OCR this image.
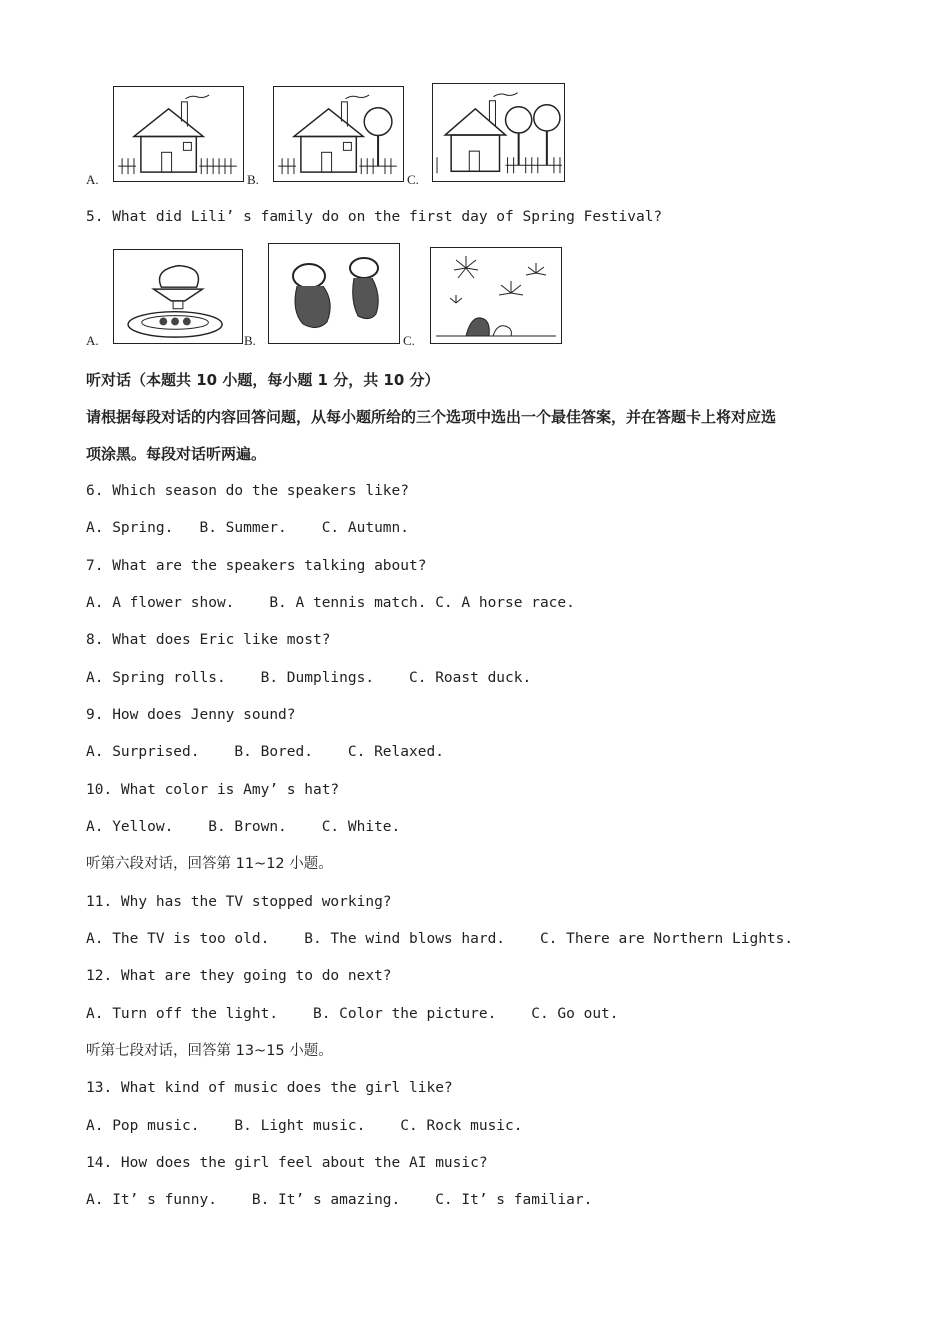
A.	B.	C.
5. What did Lili’ s family do on the first day of Spring Festival?
A.	B.	C.
听对话（本题共 10 小题，每小题 1 分，共 10 分）
请根据每段对话的内容回答问题，从每小题所给的三个选项中选出一个最佳答案，并在答题卡上将对应选
项涂黑。每段对话听两遍。
6. Which season do the speakers like?
A. Spring.   B. Summer.    C. Autumn.
7. What are the speakers talking about?
A. A flower show.    B. A tennis match. C. A horse race.
8. What does Eric like most?
A. Spring rolls.    B. Dumplings.    C. Roast duck.
9. How does Jenny sound?
A. Surprised.    B. Bored.    C. Relaxed.
10. What color is Amy’ s hat?
A. Yellow.    B. Brown.    C. White.
听第六段对话，回答第 11~12 小题。
11. Why has the TV stopped working?
A. The TV is too old.    B. The wind blows hard.    C. There are Northern Lights.
12. What are they going to do next?
A. Turn off the light.    B. Color the picture.    C. Go out.
听第七段对话，回答第 13~15 小题。
13. What kind of music does the girl like?
A. Pop music.    B. Light music.    C. Rock music.
14. How does the girl feel about the AI music?
A. It’ s funny.    B. It’ s amazing.    C. It’ s familiar.
